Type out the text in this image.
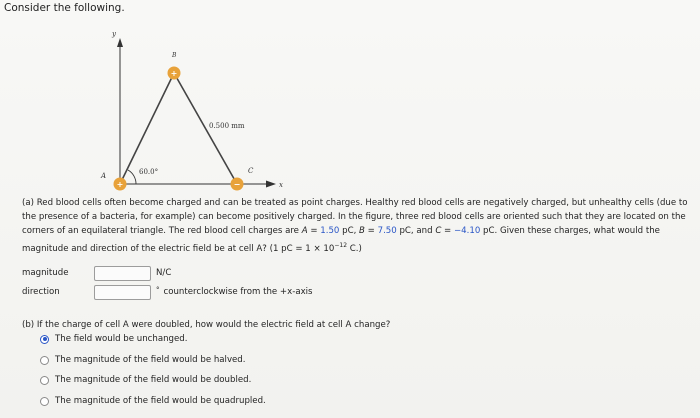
Consider the following.
y
x
60.0°
0.500 mm
+
A
+
B
−
C
(a) Red blood cells often become charged and can be treated as point charges. Healthy red blood cells are negatively charged, but unhealthy cells (due to the presence of a bacteria, for example) can become positively charged. In the figure, three red blood cells are oriented such that they are located on the corners of an equilateral triangle. The red blood cell charges are A = 1.50 pC, B = 7.50 pC, and C = −4.10 pC. Given these charges, what would the magnitude and direction of the electric field be at cell A? (1 pC = $1 \times 10^{-12}$ C.)
magnitude	N/C
direction	° counterclockwise from the +x-axis
(b) If the charge of cell A were doubled, how would the electric field at cell A change?
The field would be unchanged.
The magnitude of the field would be halved.
The magnitude of the field would be doubled.
The magnitude of the field would be quadrupled.
